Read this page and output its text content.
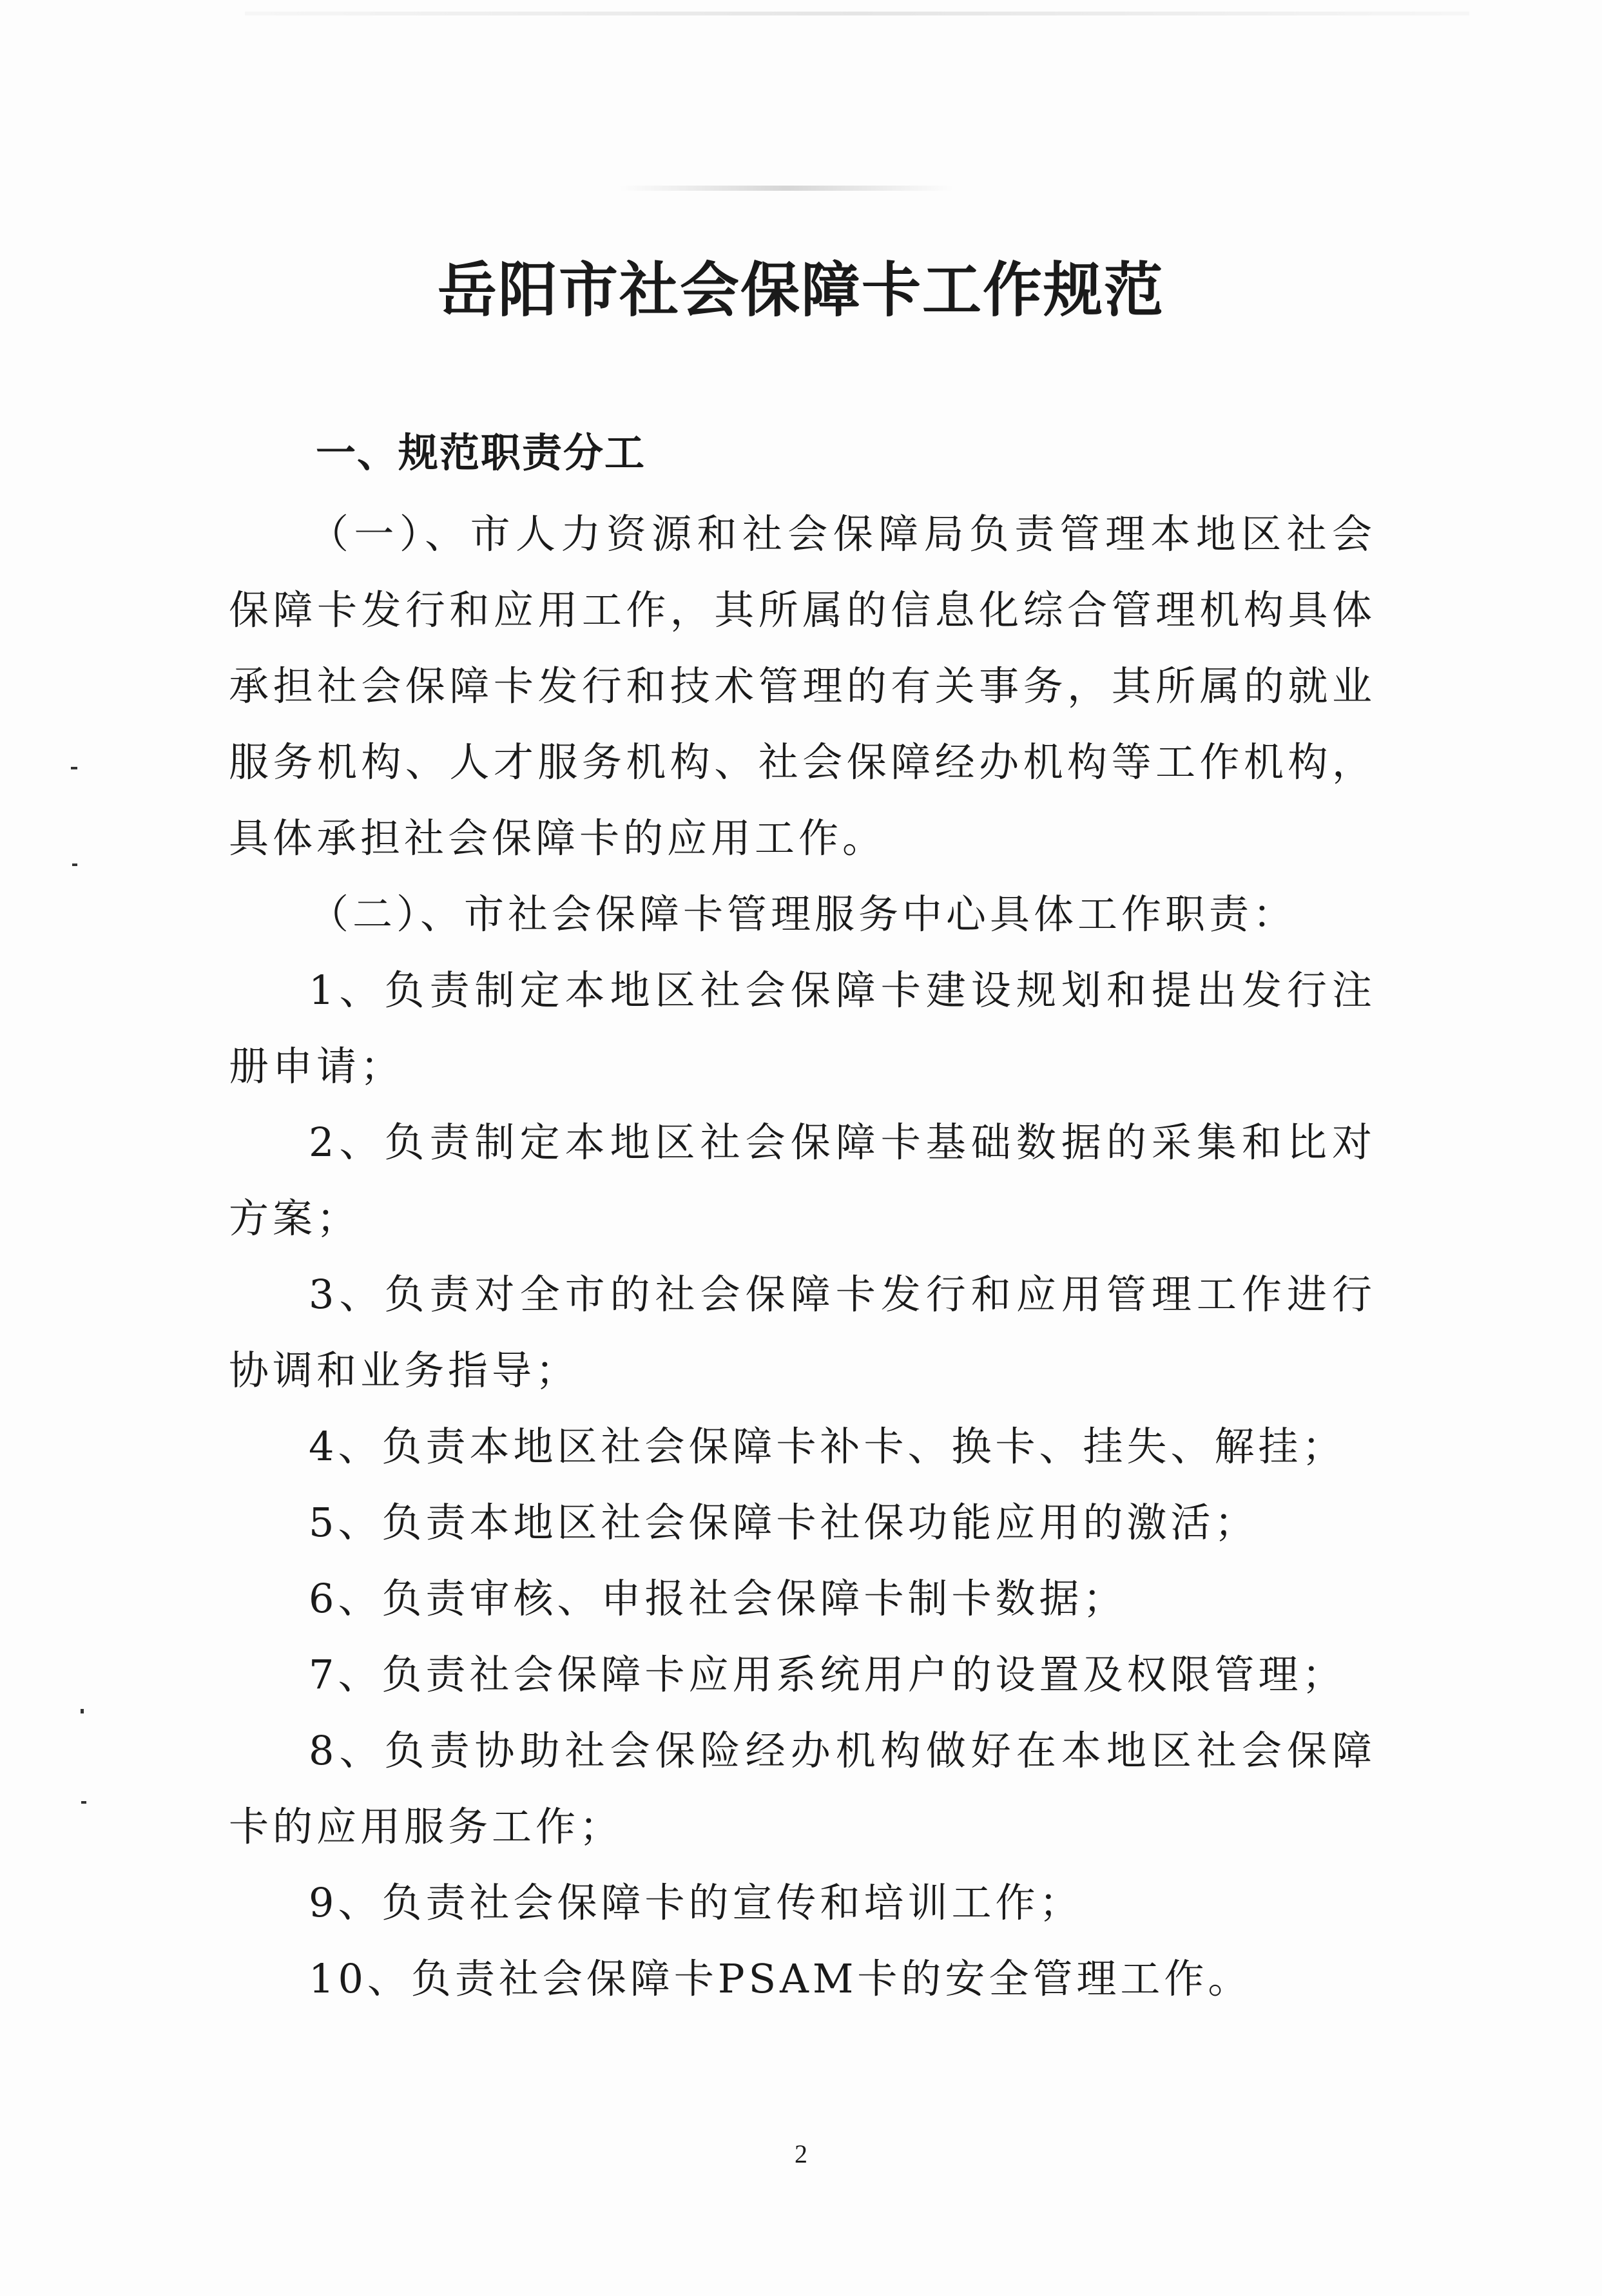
岳阳市社会保障卡工作规范
一、规范职责分工

（一）、市人力资源和社会保障局负责管理本地区社会保障卡发行和应用工作，其所属的信息化综合管理机构具体承担社会保障卡发行和技术管理的有关事务，其所属的就业服务机构、人才服务机构、社会保障经办机构等工作机构，具体承担社会保障卡的应用工作。

（二）、市社会保障卡管理服务中心具体工作职责：

1、负责制定本地区社会保障卡建设规划和提出发行注册申请；

2、负责制定本地区社会保障卡基础数据的采集和比对方案；

3、负责对全市的社会保障卡发行和应用管理工作进行协调和业务指导；

4、负责本地区社会保障卡补卡、换卡、挂失、解挂；

5、负责本地区社会保障卡社保功能应用的激活；

6、负责审核、申报社会保障卡制卡数据；

7、负责社会保障卡应用系统用户的设置及权限管理；

8、负责协助社会保险经办机构做好在本地区社会保障卡的应用服务工作；

9、负责社会保障卡的宣传和培训工作；

10、负责社会保障卡PSAM卡的安全管理工作。

2
